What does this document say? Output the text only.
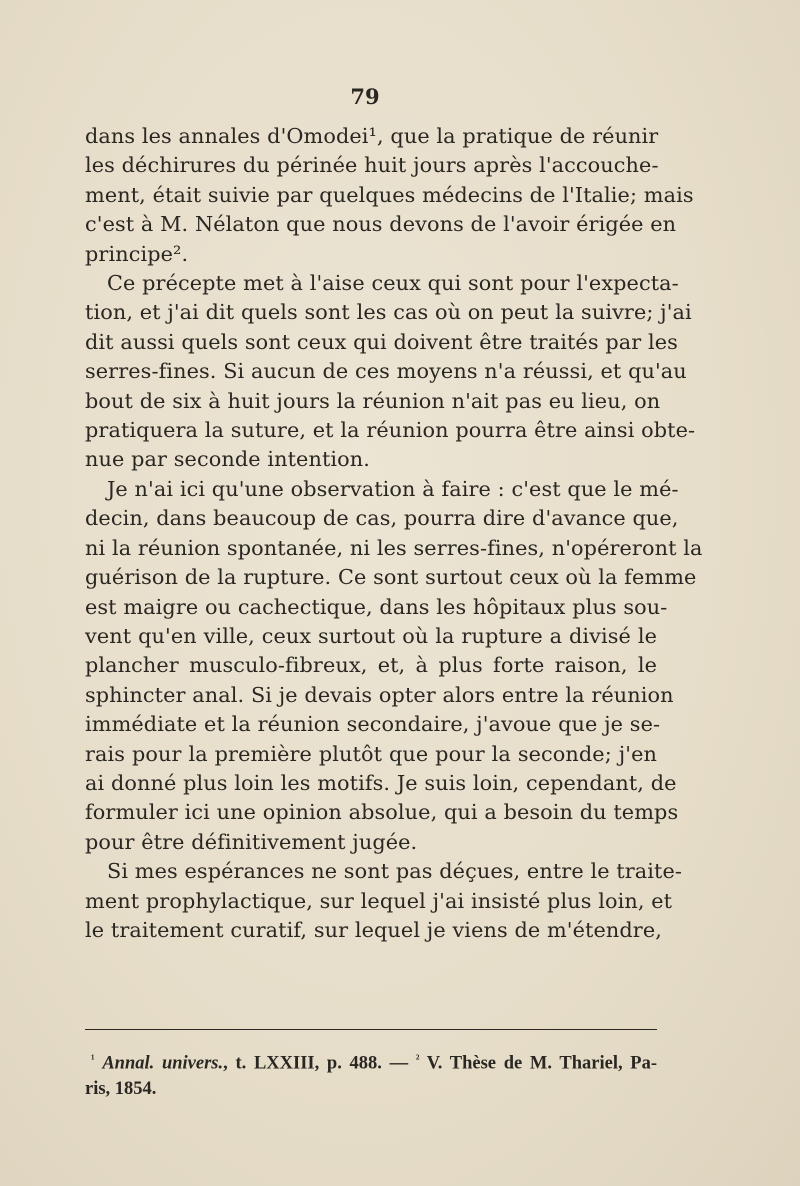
79
dans les annales d'Omodei¹, que la pratique de réunir
les déchirures du périnée huit jours après l'accouche-
ment, était suivie par quelques médecins de l'Italie; mais
c'est à M. Nélaton que nous devons de l'avoir érigée en
principe².
Ce précepte met à l'aise ceux qui sont pour l'expecta-
tion, et j'ai dit quels sont les cas où on peut la suivre; j'ai
dit aussi quels sont ceux qui doivent être traités par les
serres-fines. Si aucun de ces moyens n'a réussi, et qu'au
bout de six à huit jours la réunion n'ait pas eu lieu, on
pratiquera la suture, et la réunion pourra être ainsi obte-
nue par seconde intention.
Je n'ai ici qu'une observation à faire : c'est que le mé-
decin, dans beaucoup de cas, pourra dire d'avance que,
ni la réunion spontanée, ni les serres-fines, n'opéreront la
guérison de la rupture. Ce sont surtout ceux où la femme
est maigre ou cachectique, dans les hôpitaux plus sou-
vent qu'en ville, ceux surtout où la rupture a divisé le
plancher musculo-fibreux, et, à plus forte raison, le
sphincter anal. Si je devais opter alors entre la réunion
immédiate et la réunion secondaire, j'avoue que je se-
rais pour la première plutôt que pour la seconde; j'en
ai donné plus loin les motifs. Je suis loin, cependant, de
formuler ici une opinion absolue, qui a besoin du temps
pour être définitivement jugée.
Si mes espérances ne sont pas déçues, entre le traite-
ment prophylactique, sur lequel j'ai insisté plus loin, et
le traitement curatif, sur lequel je viens de m'étendre,
$^{^1}$ Annal. univers., t. LXXIII, p. 488. — $^{^2}$ V. Thèse de M. Thariel, Pa-
ris, 1854.
